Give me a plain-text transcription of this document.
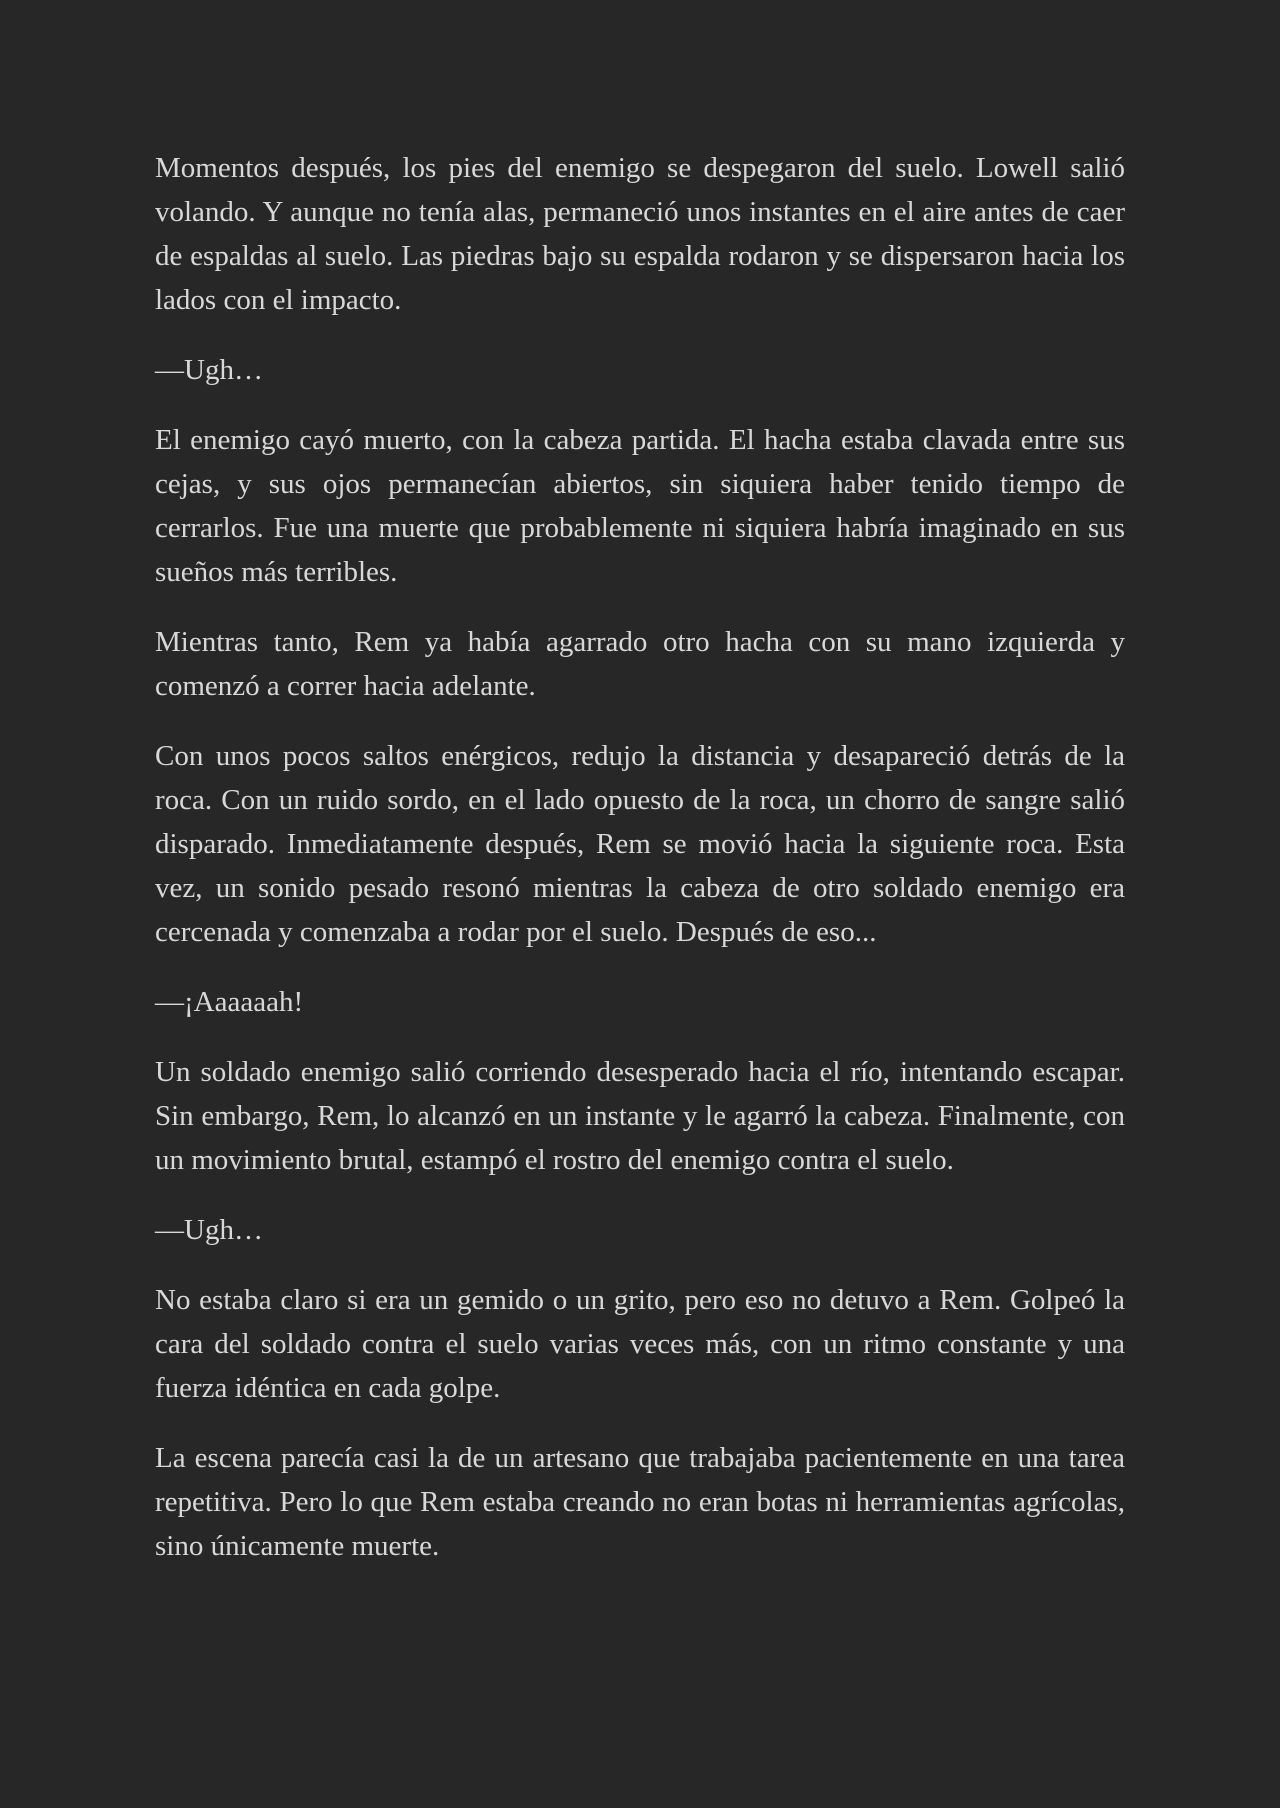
Momentos después, los pies del enemigo se despegaron del suelo. Lowell salió volando. Y aunque no tenía alas, permaneció unos instantes en el aire antes de caer de espaldas al suelo. Las piedras bajo su espalda rodaron y se dispersaron hacia los lados con el impacto.

—Ugh…

El enemigo cayó muerto, con la cabeza partida. El hacha estaba clavada entre sus cejas, y sus ojos permanecían abiertos, sin siquiera haber tenido tiempo de cerrarlos. Fue una muerte que probablemente ni siquiera habría imaginado en sus sueños más terribles.

Mientras tanto, Rem ya había agarrado otro hacha con su mano izquierda y comenzó a correr hacia adelante.

Con unos pocos saltos enérgicos, redujo la distancia y desapareció detrás de la roca. Con un ruido sordo, en el lado opuesto de la roca, un chorro de sangre salió disparado. Inmediatamente después, Rem se movió hacia la siguiente roca. Esta vez, un sonido pesado resonó mientras la cabeza de otro soldado enemigo era cercenada y comenzaba a rodar por el suelo. Después de eso...

—¡Aaaaaah!

Un soldado enemigo salió corriendo desesperado hacia el río, intentando escapar. Sin embargo, Rem, lo alcanzó en un instante y le agarró la cabeza. Finalmente, con un movimiento brutal, estampó el rostro del enemigo contra el suelo.

—Ugh…

No estaba claro si era un gemido o un grito, pero eso no detuvo a Rem. Golpeó la cara del soldado contra el suelo varias veces más, con un ritmo constante y una fuerza idéntica en cada golpe.

La escena parecía casi la de un artesano que trabajaba pacientemente en una tarea repetitiva. Pero lo que Rem estaba creando no eran botas ni herramientas agrícolas, sino únicamente muerte.
